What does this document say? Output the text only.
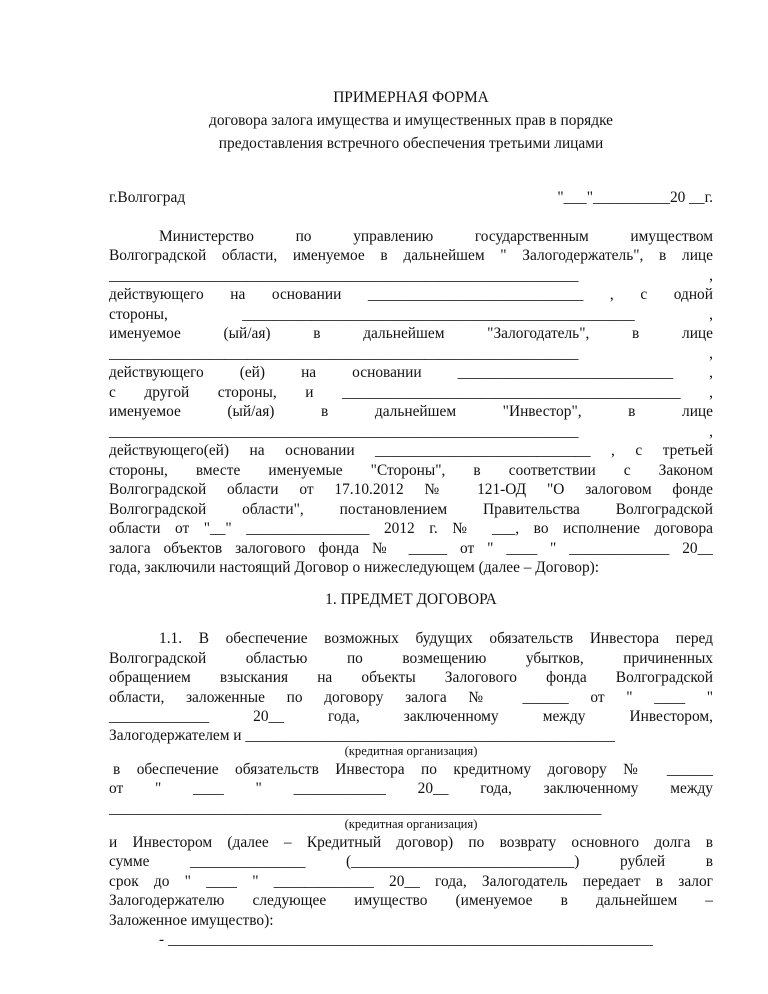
ПРИМЕРНАЯ ФОРМА
договора залога имущества и имущественных прав в порядке
предоставления встречного обеспечения третьими лицами
г.Волгоград	"___"__________20 __г.
Министерство по управлению государственным имуществом
Волгоградской области, именуемое в дальнейшем " Залогодержатель", в лице
_____________________________________________________________ ,
действующего на основании ____________________________ , с одной
стороны, ___________________________________________________ ,
именуемое (ый/ая) в дальнейшем "Залогодатель", в лице
_____________________________________________________________ ,
действующего (ей) на основании ____________________________ ,
с другой стороны, и ____________________________________________ ,
именуемое (ый/ая) в дальнейшем "Инвестор", в лице
_____________________________________________________________ ,
действующего(ей) на основании ____________________________ , с третьей
стороны, вместе именуемые "Стороны", в соответствии с Законом
Волгоградской области от 17.10.2012 № 121-ОД "О залоговом фонде
Волгоградской области", постановлением Правительства Волгоградской
области от "__" ________________ 2012 г. № ___, во исполнение договора
залога объектов залогового фонда № _____ от " ____ " _____________ 20__
года, заключили настоящий Договор о нижеследующем (далее – Договор):
1. ПРЕДМЕТ ДОГОВОРА
1.1. В обеспечение возможных будущих обязательств Инвестора перед
Волгоградской областью по возмещению убытков, причиненных
обращением взыскания на объекты Залогового фонда Волгоградской
области, заложенные по договору залога № ______ от " ____ "
_____________ 20__ года, заключенному между Инвестором,
Залогодержателем и ________________________________________________
(кредитная организация)
в обеспечение обязательств Инвестора по кредитному договору № ______
от " ____ " ____________ 20__ года, заключенному между
________________________________________________________________
(кредитная организация)
и Инвестором (далее – Кредитный договор) по возврату основного долга в
сумме _______________ (_____________________________) рублей в
срок до " ____ " _____________ 20__ года, Залогодатель передает в залог
Залогодержателю следующее имущество (именуемое в дальнейшем –
Заложенное имущество):
- _______________________________________________________________
